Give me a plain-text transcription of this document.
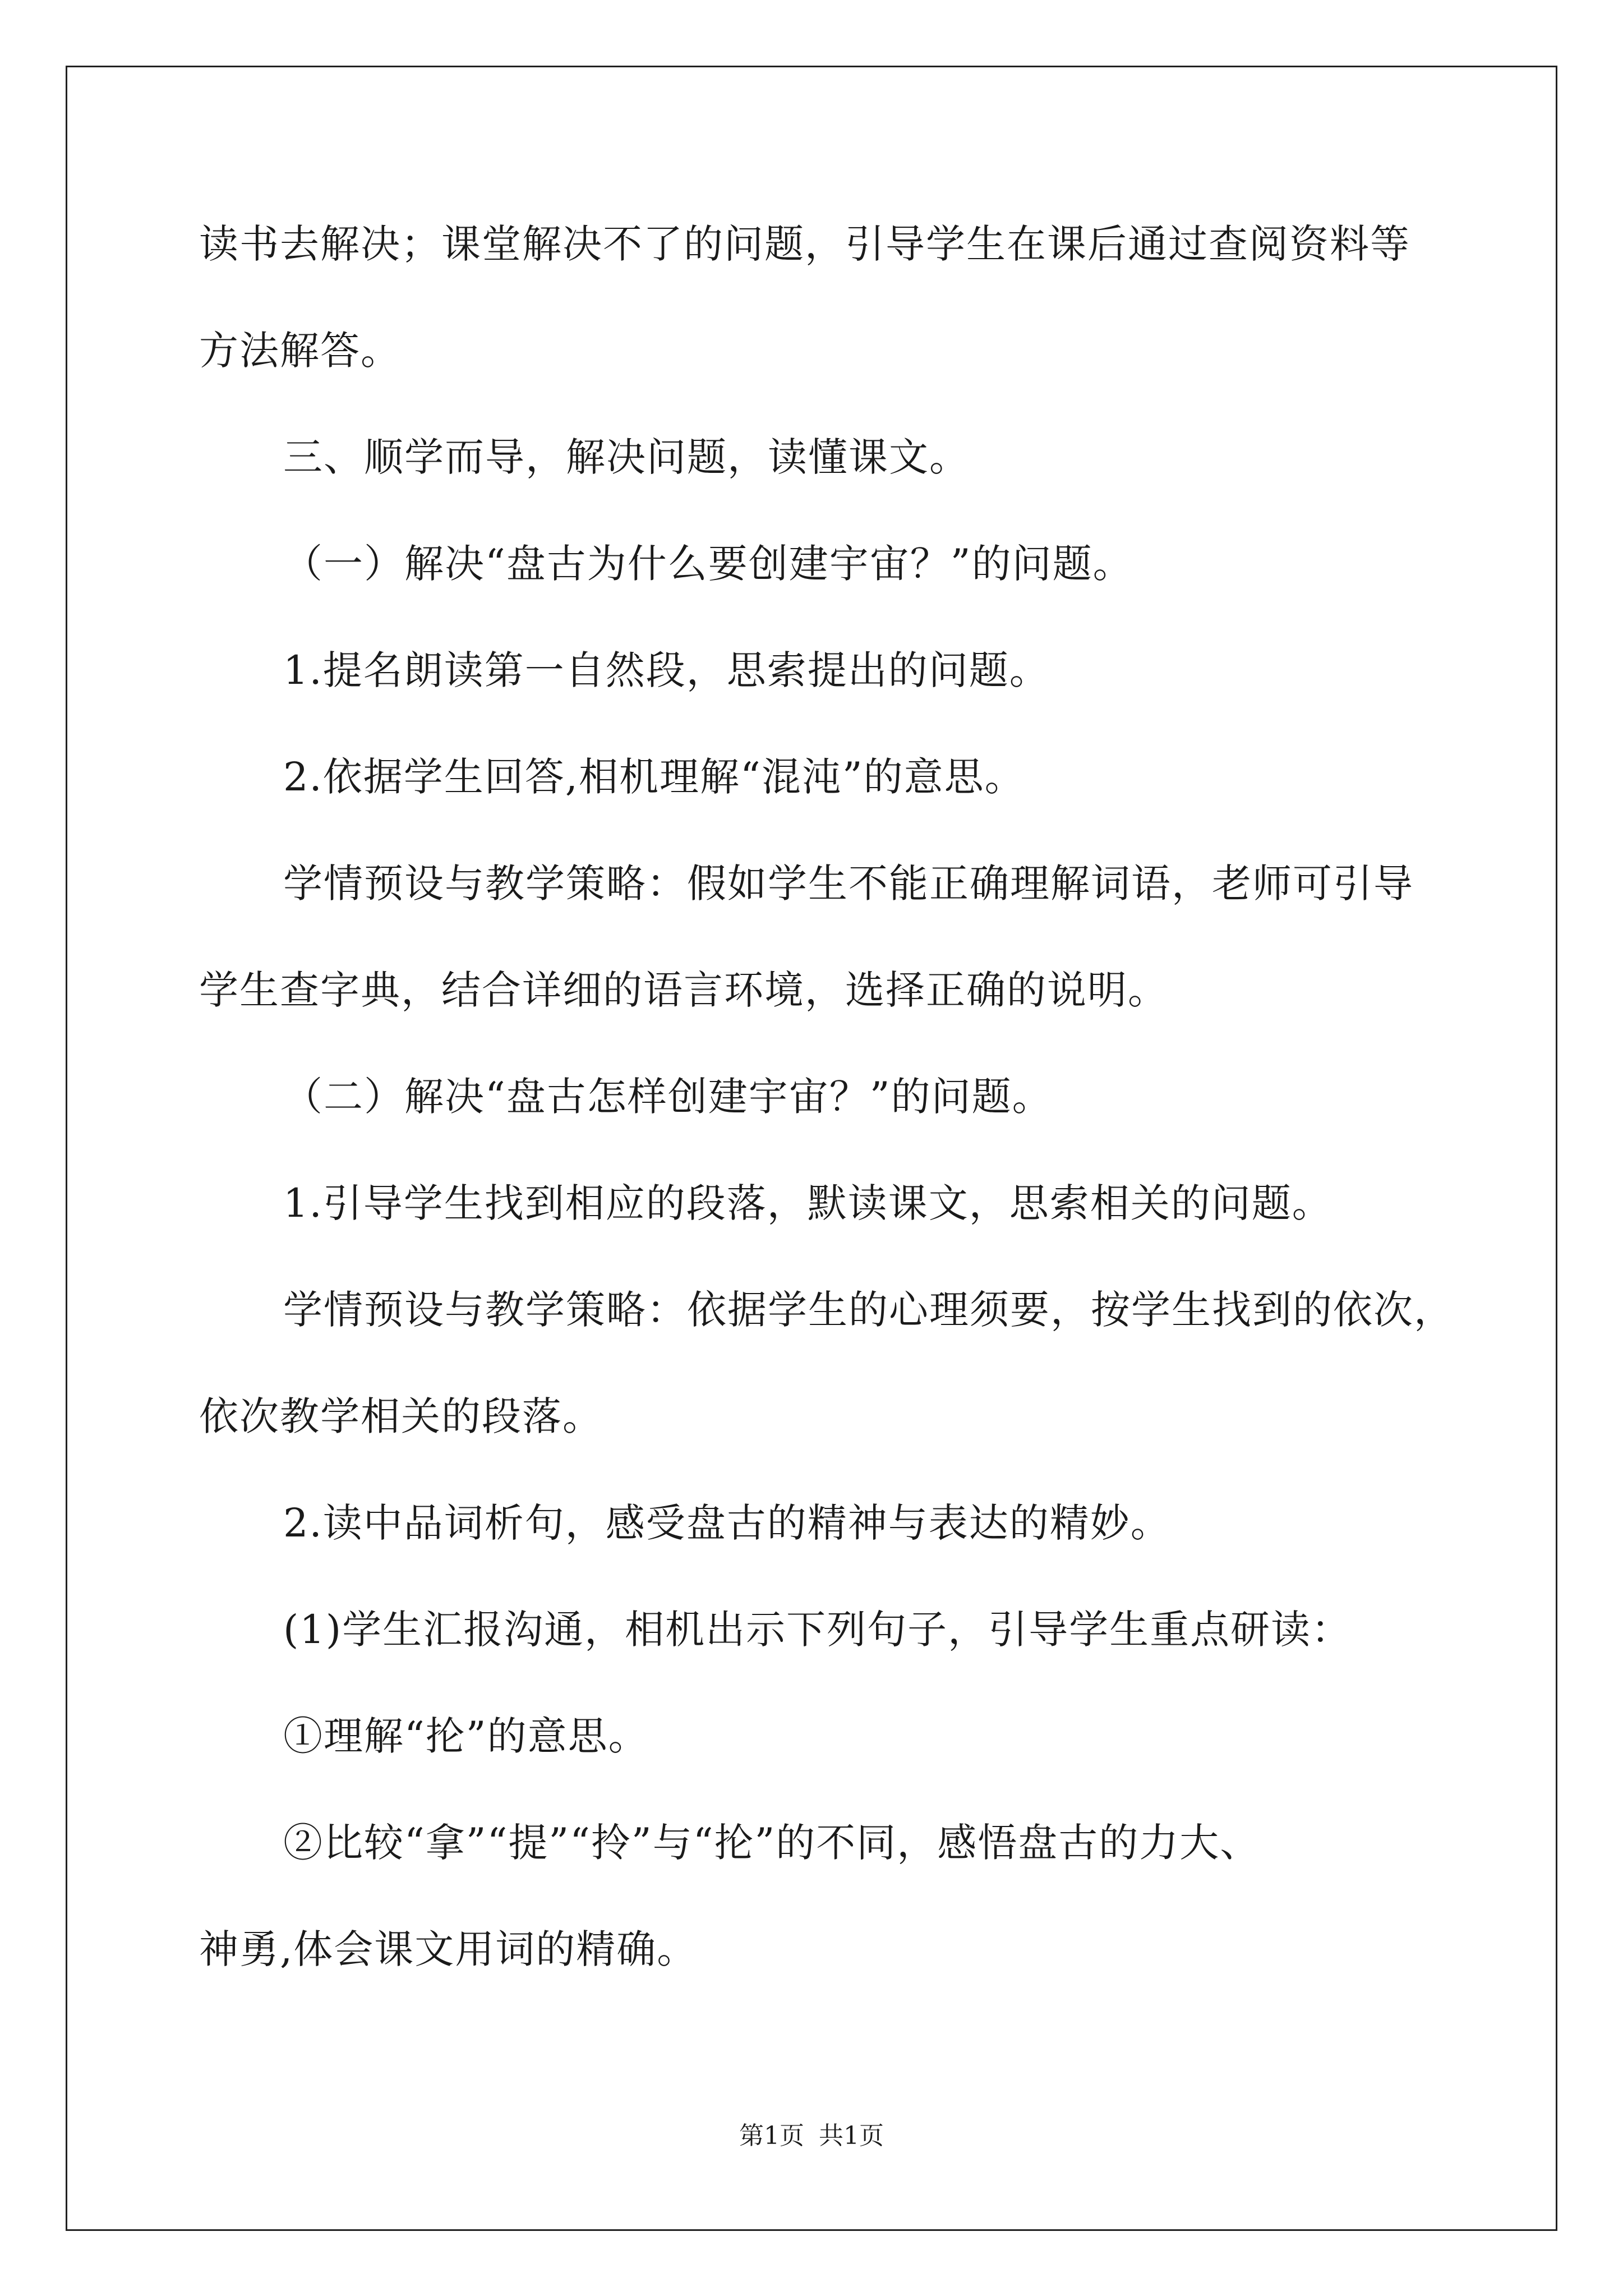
读书去解决；课堂解决不了的问题，引导学生在课后通过查阅资料等
方法解答。
三、顺学而导，解决问题，读懂课文。
（一）解决“盘古为什么要创建宇宙？”的问题。
1.提名朗读第一自然段，思索提出的问题。
2.依据学生回答,相机理解“混沌”的意思。
学情预设与教学策略：假如学生不能正确理解词语，老师可引导
学生查字典，结合详细的语言环境，选择正确的说明。
（二）解决“盘古怎样创建宇宙？”的问题。
1.引导学生找到相应的段落，默读课文，思索相关的问题。
学情预设与教学策略：依据学生的心理须要，按学生找到的依次，
依次教学相关的段落。
2.读中品词析句，感受盘古的精神与表达的精妙。
(1)学生汇报沟通，相机出示下列句子，引导学生重点研读：
①理解“抡”的意思。
②比较“拿”“提”“拎”与“抡”的不同，感悟盘古的力大、
神勇,体会课文用词的精确。
第1页 共1页
